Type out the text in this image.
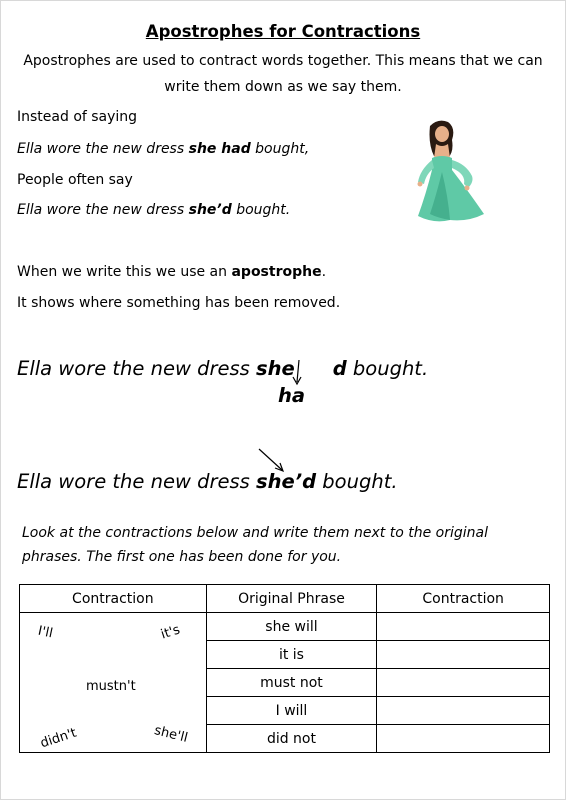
Apostrophes for Contractions
Apostrophes are used to contract words together. This means that we can
write them down as we say them.
Instead of saying
Ella wore the new dress she had bought,
People often say
Ella wore the new dress she’d bought.
When we write this we use an apostrophe.
It shows where something has been removed.
Ella wore the new dress she d bought.
ha
Ella wore the new dress she’d bought.
Look at the contractions below and write them next to the original
phrases. The first one has been done for you.
Contraction	Original Phrase	Contraction

I'll it's
mustn't
didn't she'll	she will	
	it is	
	must not	
	I will	
	did not	
